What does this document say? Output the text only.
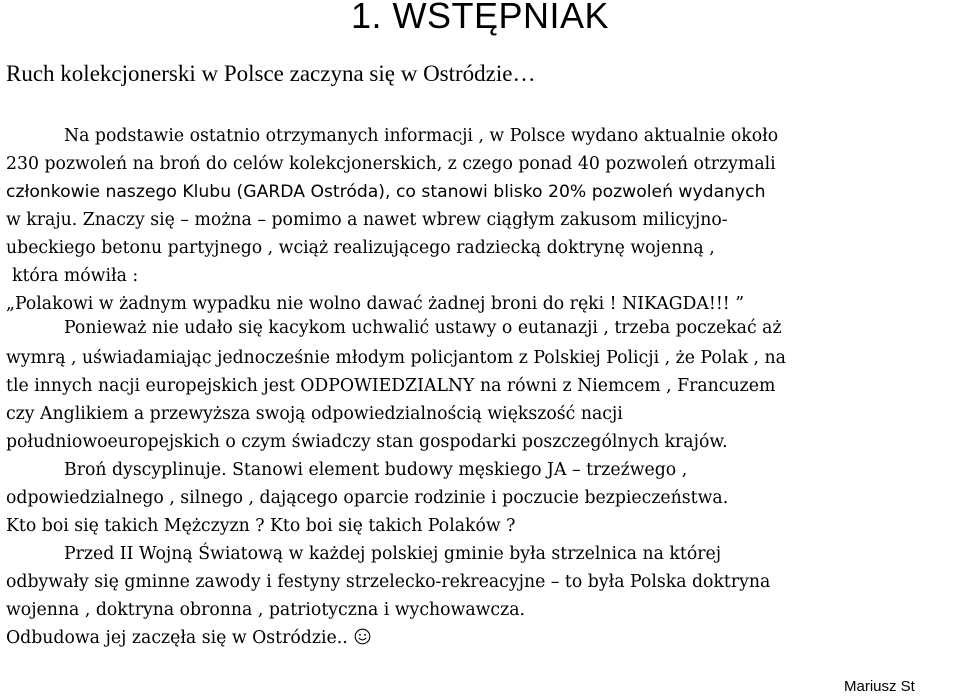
1. WSTĘPNIAK
Ruch kolekcjonerski w Polsce zaczyna się w Ostródzie…
Na podstawie ostatnio otrzymanych informacji , w Polsce wydano aktualnie około
230 pozwoleń na broń do celów kolekcjonerskich, z czego ponad 40 pozwoleń otrzymali
członkowie naszego Klubu (GARDA Ostróda), co stanowi blisko 20% pozwoleń wydanych
w kraju. Znaczy się – można – pomimo a nawet wbrew ciągłym zakusom milicyjno-
ubeckiego betonu partyjnego , wciąż realizującego radziecką doktrynę wojenną ,
która mówiła :
„Polakowi w żadnym wypadku nie wolno dawać żadnej broni do ręki ! NIKAGDA!!! ”
Ponieważ nie udało się kacykom uchwalić ustawy o eutanazji , trzeba poczekać aż
wymrą , uświadamiając jednocześnie młodym policjantom z Polskiej Policji , że Polak , na
tle innych nacji europejskich jest ODPOWIEDZIALNY na równi z Niemcem , Francuzem
czy Anglikiem a przewyższa swoją odpowiedzialnością większość nacji
południowoeuropejskich o czym świadczy stan gospodarki poszczególnych krajów.
Broń dyscyplinuje. Stanowi element budowy męskiego JA – trzeźwego ,
odpowiedzialnego , silnego , dającego oparcie rodzinie i poczucie bezpieczeństwa.
Kto boi się takich Mężczyzn ? Kto boi się takich Polaków ?
Przed II Wojną Światową w każdej polskiej gminie była strzelnica na której
odbywały się gminne zawody i festyny strzelecko-rekreacyjne – to była Polska doktryna
wojenna , doktryna obronna , patriotyczna i wychowawcza.
Odbudowa jej zaczęła się w Ostródzie..
Mariusz St
